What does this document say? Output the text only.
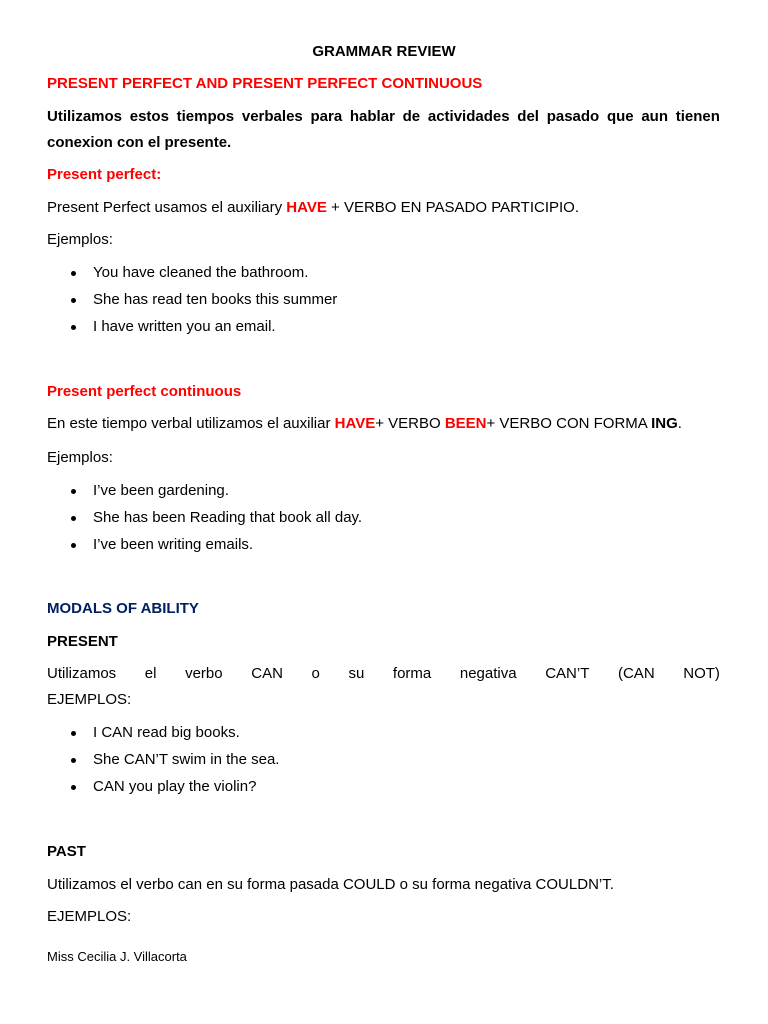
GRAMMAR REVIEW
PRESENT PERFECT AND PRESENT PERFECT CONTINUOUS
Utilizamos estos tiempos verbales para hablar de actividades del pasado que aun tienen
conexion con el presente.
Present perfect:
Present Perfect usamos el auxiliary HAVE + VERBO EN PASADO PARTICIPIO.
Ejemplos:
You have cleaned the bathroom.
She has read ten books this summer
I have written you an email.
Present perfect continuous
En este tiempo verbal utilizamos el auxiliar HAVE+ VERBO BEEN+ VERBO CON FORMA ING.
Ejemplos:
I’ve been gardening.
She has been Reading that book all day.
I’ve been writing emails.
MODALS OF ABILITY
PRESENT
Utilizamos el verbo CAN o su forma negativa CAN’T (CAN NOT)
EJEMPLOS:
I CAN read big books.
She CAN’T swim in the sea.
CAN you play the violin?
PAST
Utilizamos el verbo can en su forma pasada COULD o su forma negativa COULDN’T.
EJEMPLOS:
Miss Cecilia J. Villacorta
